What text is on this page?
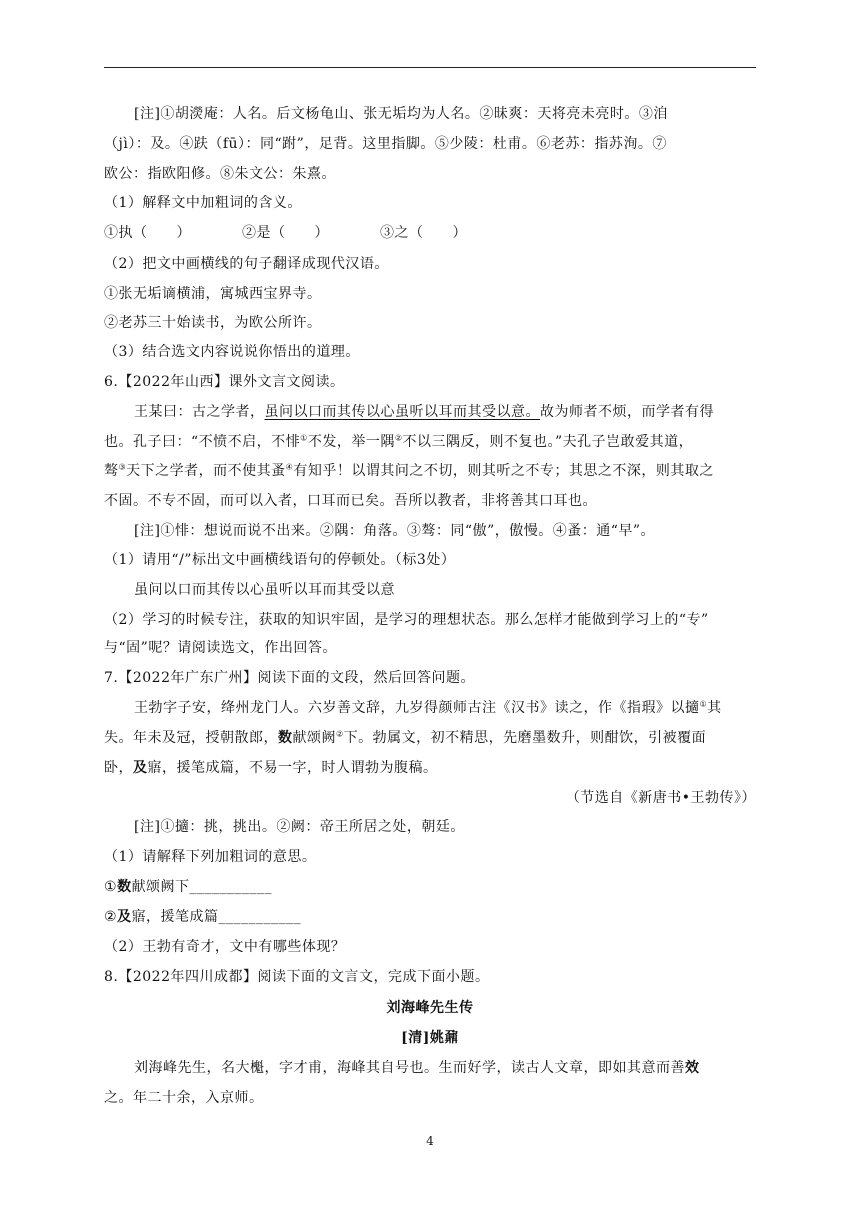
[注]①胡濙庵：人名。后文杨龟山、张无垢均为人名。②昧爽：天将亮未亮时。③洎
（jì）：及。④趺（fū）：同“跗”，足背。这里指脚。⑤少陵：杜甫。⑥老苏：指苏洵。⑦
欧公：指欧阳修。⑧朱文公：朱熹。
（1）解释文中加粗词的含义。
①执（　　）　　　　②是（　　）　　　　③之（　　）
（2）把文中画横线的句子翻译成现代汉语。
①张无垢谪横浦，寓城西宝界寺。
②老苏三十始读书，为欧公所许。
（3）结合选文内容说说你悟出的道理。
6.【2022年山西】课外文言文阅读。
王某曰：古之学者，虽问以口而其传以心虽听以耳而其受以意。故为师者不烦，而学者有得
也。孔子曰：“不愤不启，不悱①不发，举一隅②不以三隅反，则不复也。”夫孔子岂敢爱其道，
骜③天下之学者，而不使其蚤④有知乎！以谓其问之不切，则其听之不专；其思之不深，则其取之
不固。不专不固，而可以入者，口耳而已矣。吾所以教者，非将善其口耳也。
[注]①悱：想说而说不出来。②隅：角落。③骜：同“傲”，傲慢。④蚤：通“早”。
（1）请用“/”标出文中画横线语句的停顿处。（标3处）
虽问以口而其传以心虽听以耳而其受以意
（2）学习的时候专注，获取的知识牢固，是学习的理想状态。那么怎样才能做到学习上的“专”
与“固”呢？请阅读选文，作出回答。
7.【2022年广东广州】阅读下面的文段，然后回答问题。
王勃字子安，绛州龙门人。六岁善文辞，九岁得颜师古注《汉书》读之，作《指瑕》以擿①其
失。年未及冠，授朝散郎，数献颂阙②下。勃属文，初不精思，先磨墨数升，则酣饮，引被覆面
卧，及寤，援笔成篇，不易一字，时人谓勃为腹稿。
（节选自《新唐书•王勃传》）
[注]①擿：挑，挑出。②阙：帝王所居之处，朝廷。
（1）请解释下列加粗词的意思。
①数献颂阙下___________
②及寤，援笔成篇___________
（2）王勃有奇才，文中有哪些体现？
8.【2022年四川成都】阅读下面的文言文，完成下面小题。
刘海峰先生传
[清]姚鼐
刘海峰先生，名大櫆，字才甫，海峰其自号也。生而好学，读古人文章，即如其意而善效
之。年二十余，入京师。
4
